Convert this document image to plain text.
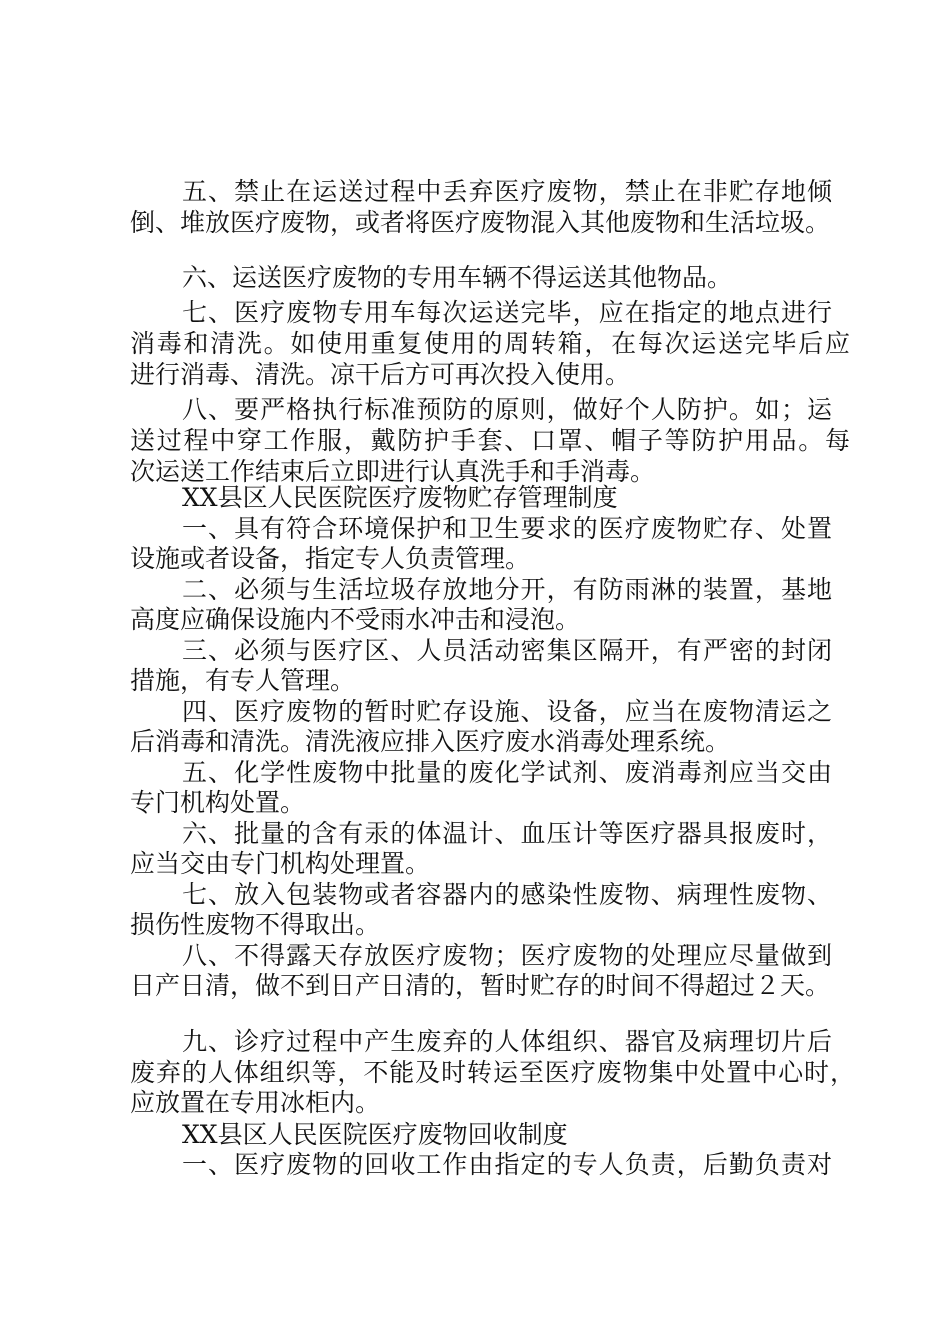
五、禁止在运送过程中丢弃医疗废物，禁止在非贮存地倾
倒、堆放医疗废物，或者将医疗废物混入其他废物和生活垃圾。
六、运送医疗废物的专用车辆不得运送其他物品。
七、医疗废物专用车每次运送完毕，应在指定的地点进行
消毒和清洗。如使用重复使用的周转箱，在每次运送完毕后应
进行消毒、清洗。凉干后方可再次投入使用。
八、要严格执行标准预防的原则，做好个人防护。如；运
送过程中穿工作服，戴防护手套、口罩、帽子等防护用品。每
次运送工作结束后立即进行认真洗手和手消毒。
XX县区人民医院医疗废物贮存管理制度
一、具有符合环境保护和卫生要求的医疗废物贮存、处置
设施或者设备，指定专人负责管理。
二、必须与生活垃圾存放地分开，有防雨淋的装置，基地
高度应确保设施内不受雨水冲击和浸泡。
三、必须与医疗区、人员活动密集区隔开，有严密的封闭
措施，有专人管理。
四、医疗废物的暂时贮存设施、设备，应当在废物清运之
后消毒和清洗。清洗液应排入医疗废水消毒处理系统。
五、化学性废物中批量的废化学试剂、废消毒剂应当交由
专门机构处置。
六、批量的含有汞的体温计、血压计等医疗器具报废时，
应当交由专门机构处理置。
七、放入包装物或者容器内的感染性废物、病理性废物、
损伤性废物不得取出。
八、不得露天存放医疗废物；医疗废物的处理应尽量做到
日产日清，做不到日产日清的，暂时贮存的时间不得超过２天。
九、诊疗过程中产生废弃的人体组织、器官及病理切片后
废弃的人体组织等，不能及时转运至医疗废物集中处置中心时，
应放置在专用冰柜内。
XX县区人民医院医疗废物回收制度
一、医疗废物的回收工作由指定的专人负责，后勤负责对
